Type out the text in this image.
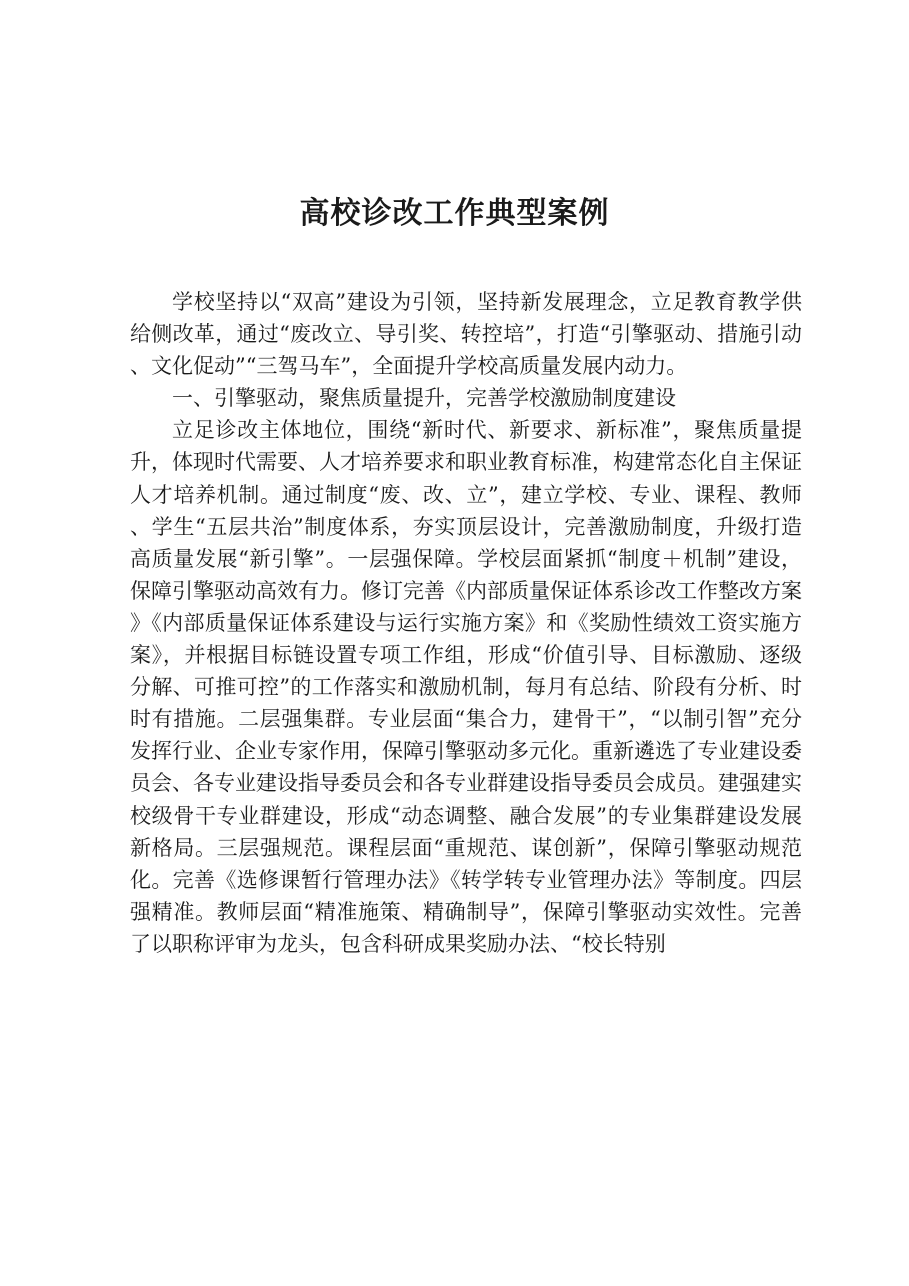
高校诊改工作典型案例

学校坚持以“双高”建设为引领，坚持新发展理念，立足教育教学供给侧改革，通过“废改立、导引奖、转控培”，打造“引擎驱动、措施引动、文化促动”“三驾马车”，全面提升学校高质量发展内动力。

一、引擎驱动，聚焦质量提升，完善学校激励制度建设

立足诊改主体地位，围绕“新时代、新要求、新标准”，聚焦质量提升，体现时代需要、人才培养要求和职业教育标准，构建常态化自主保证人才培养机制。通过制度“废、改、立”，建立学校、专业、课程、教师、学生“五层共治”制度体系，夯实顶层设计，完善激励制度，升级打造高质量发展“新引擎”。一层强保障。学校层面紧抓“制度＋机制”建设，保障引擎驱动高效有力。修订完善《内部质量保证体系诊改工作整改方案》《内部质量保证体系建设与运行实施方案》和《奖励性绩效工资实施方案》，并根据目标链设置专项工作组，形成“价值引导、目标激励、逐级分解、可推可控”的工作落实和激励机制，每月有总结、阶段有分析、时时有措施。二层强集群。专业层面“集合力，建骨干”，“以制引智”充分发挥行业、企业专家作用，保障引擎驱动多元化。重新遴选了专业建设委员会、各专业建设指导委员会和各专业群建设指导委员会成员。建强建实校级骨干专业群建设，形成“动态调整、融合发展”的专业集群建设发展新格局。三层强规范。课程层面“重规范、谋创新”，保障引擎驱动规范化。完善《选修课暂行管理办法》《转学转专业管理办法》等制度。四层强精准。教师层面“精准施策、精确制导”，保障引擎驱动实效性。完善了以职称评审为龙头，包含科研成果奖励办法、“校长特别
